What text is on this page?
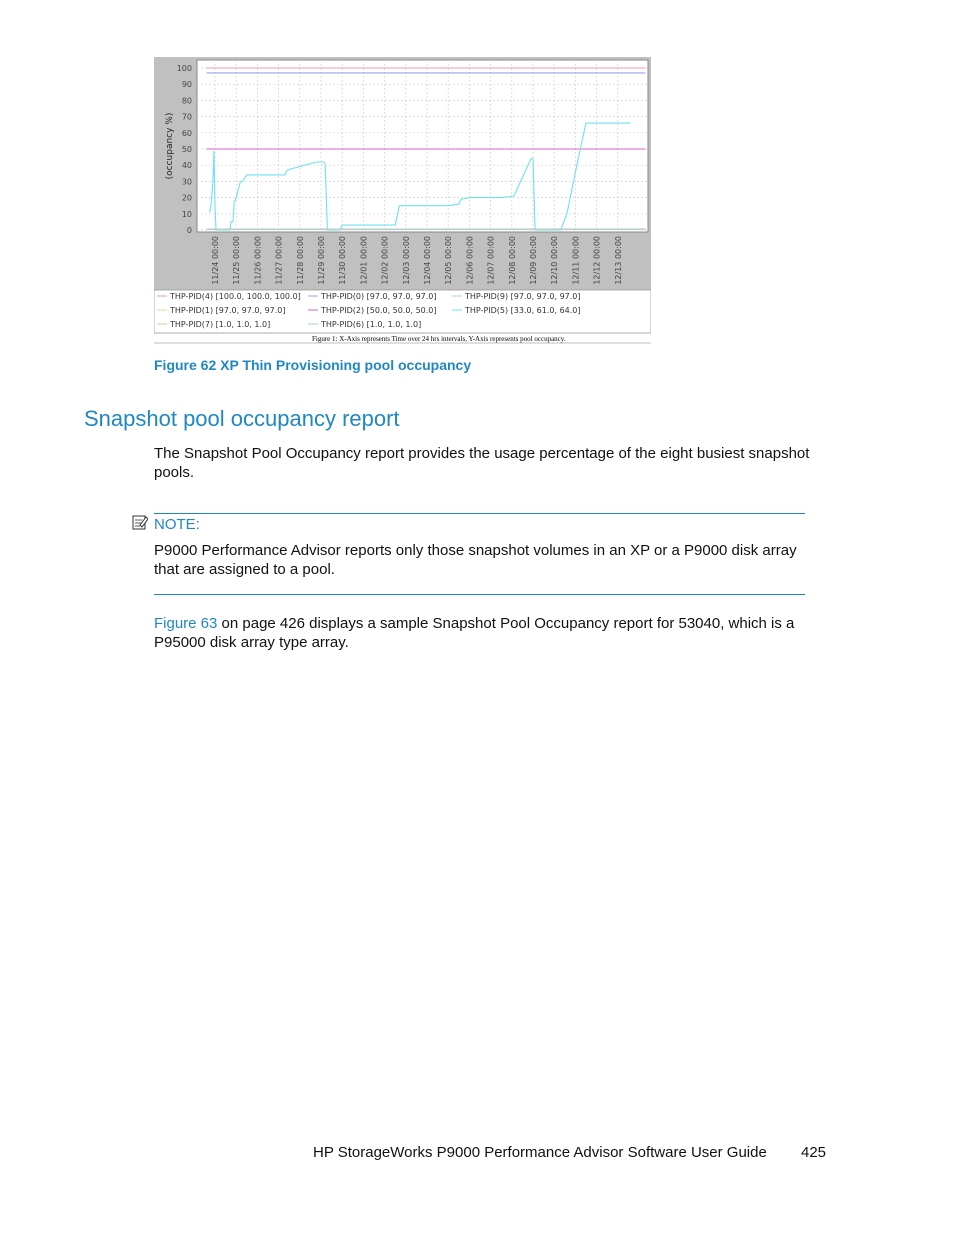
0
10
20
30
40
50
60
70
80
90
100
11/24 00:00 11/25 00:00 11/26 00:00 11/27 00:00 11/28 00:00 11/29 00:00 11/30 00:00 12/01 00:00 12/02 00:00 12/03 00:00 12/04 00:00 12/05 00:00 12/06 00:00 12/07 00:00 12/08 00:00 12/09 00:00 12/10 00:00 12/11 00:00 12/12 00:00 12/13 00:00
(occupancy %)
THP-PID(4) [100.0, 100.0, 100.0]	THP-PID(0) [97.0, 97.0, 97.0]	THP-PID(9) [97.0, 97.0, 97.0]
THP-PID(1) [97.0, 97.0, 97.0]	THP-PID(2) [50.0, 50.0, 50.0]	THP-PID(5) [33.0, 61.0, 64.0]
THP-PID(7) [1.0, 1.0, 1.0]	THP-PID(6) [1.0, 1.0, 1.0]
Figure 1: X-Axis represents Time over 24 hrs intervals, Y-Axis represents pool occupancy.
Figure 62 XP Thin Provisioning pool occupancy
Snapshot pool occupancy report
The Snapshot Pool Occupancy report provides the usage percentage of the eight busiest snapshot pools.
NOTE:
P9000 Performance Advisor reports only those snapshot volumes in an XP or a P9000 disk array that are assigned to a pool.
Figure 63 on page 426 displays a sample Snapshot Pool Occupancy report for 53040, which is a P95000 disk array type array.
HP StorageWorks P9000 Performance Advisor Software User Guide 425
